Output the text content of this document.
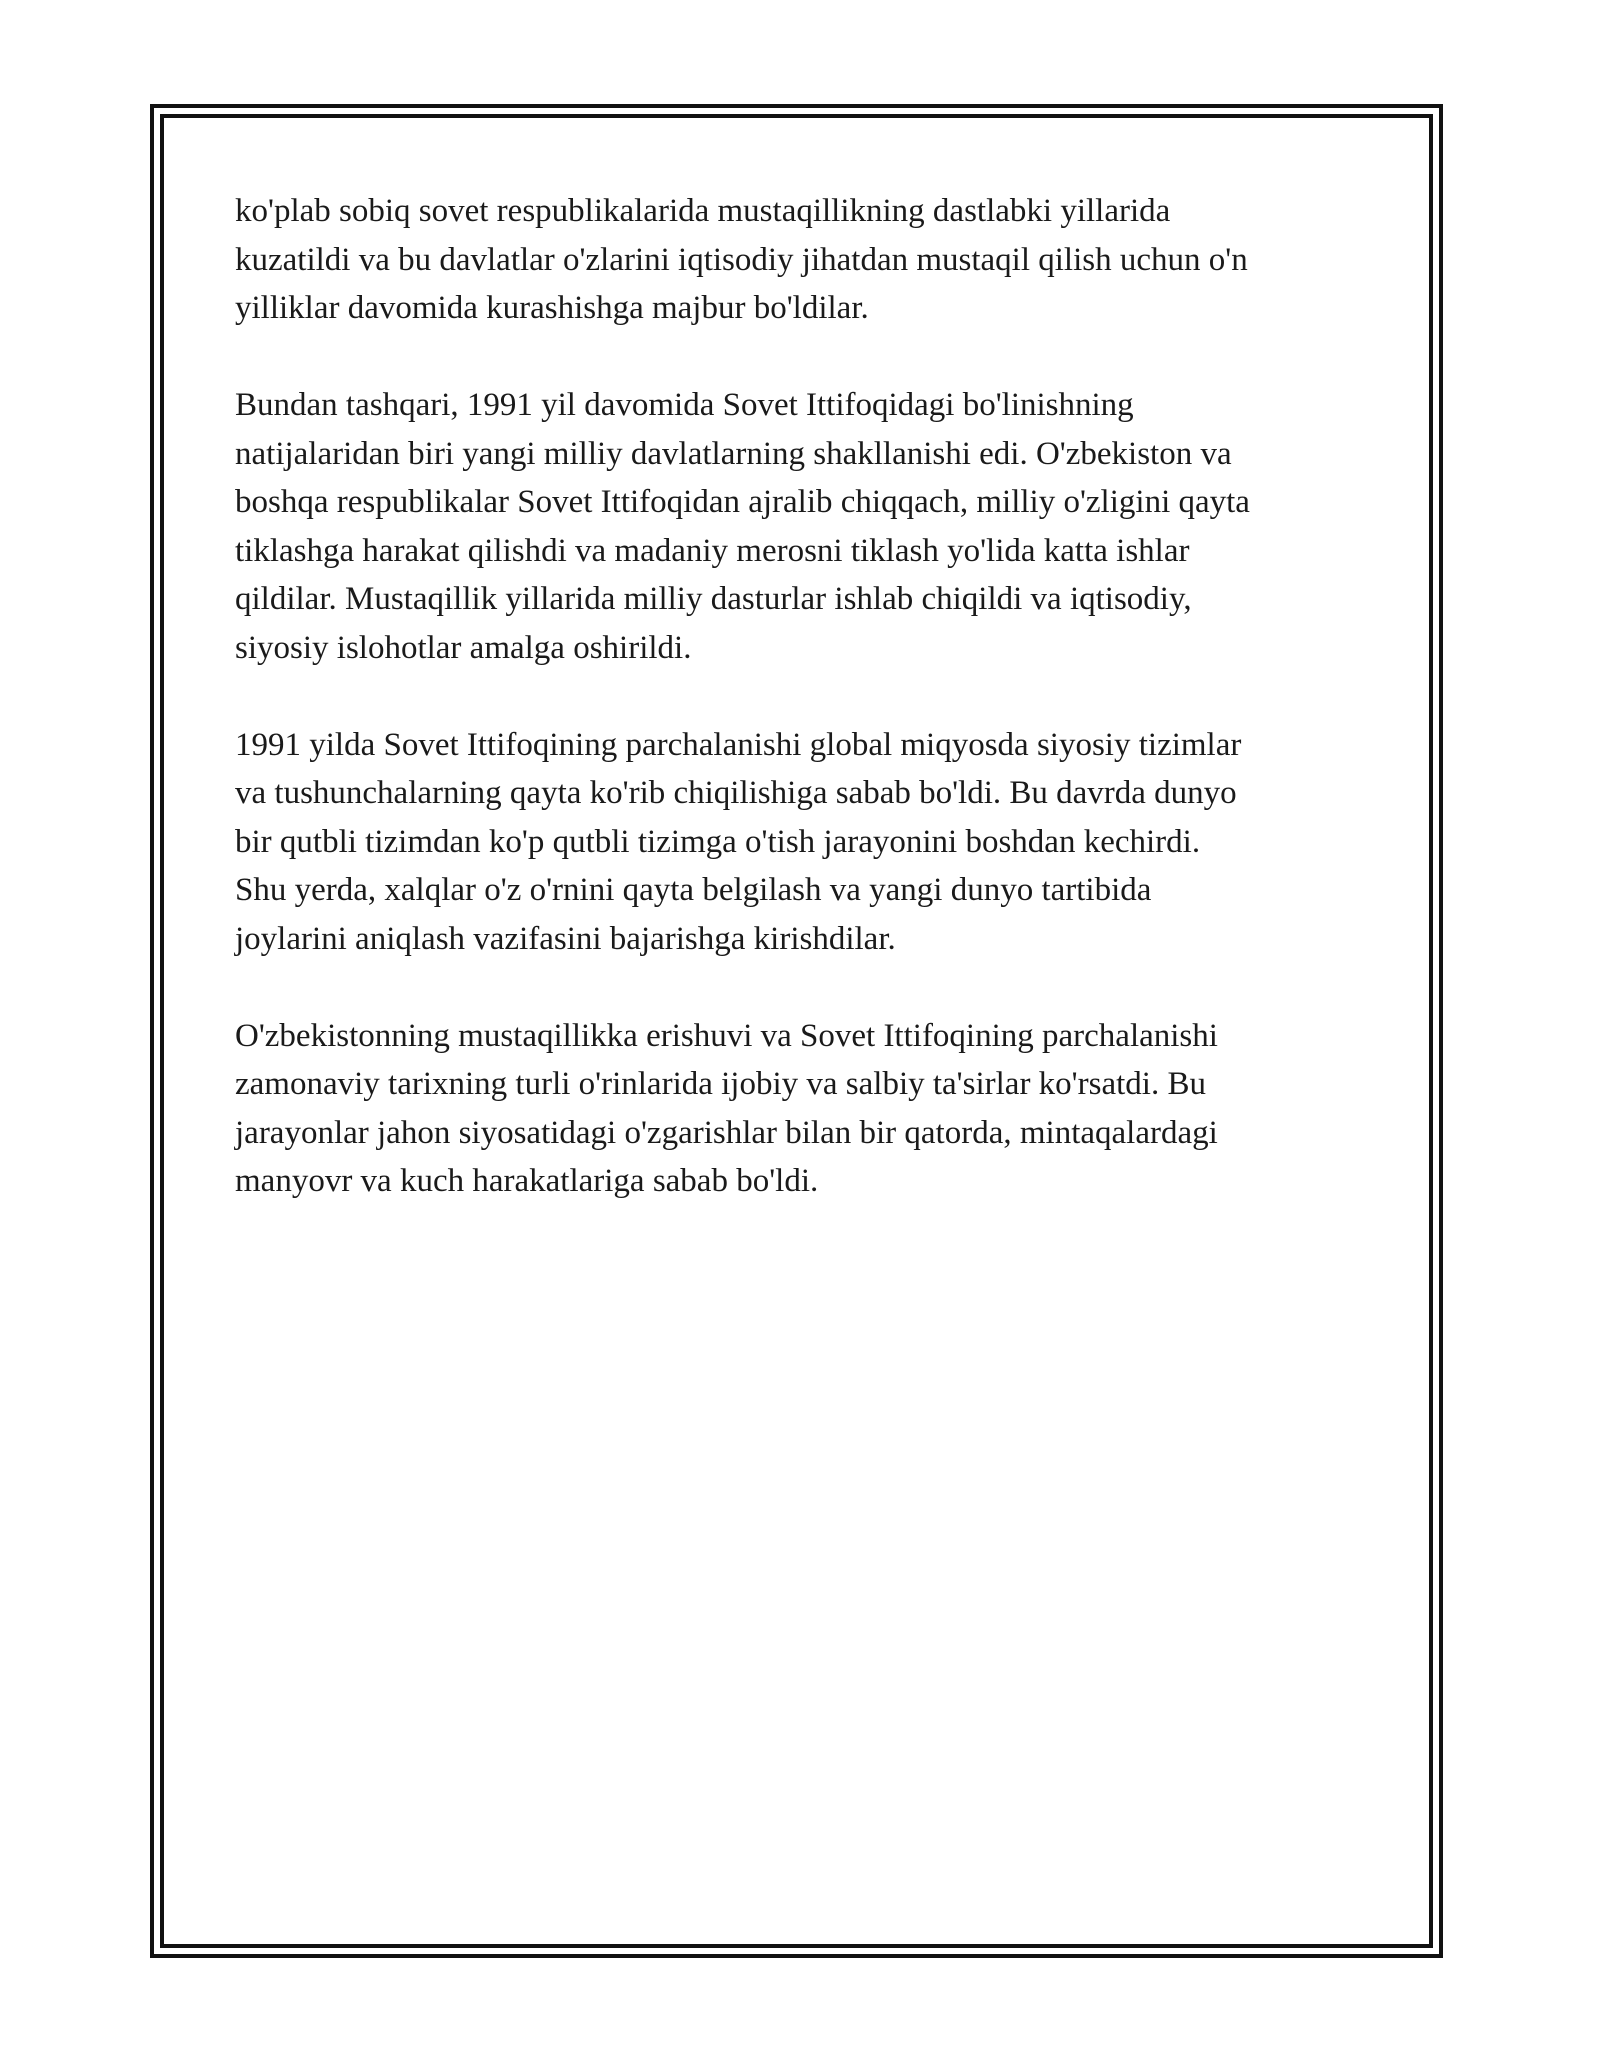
ko'plab sobiq sovet respublikalarida mustaqillikning dastlabki yillarida
kuzatildi va bu davlatlar o'zlarini iqtisodiy jihatdan mustaqil qilish uchun o'n
yilliklar davomida kurashishga majbur bo'ldilar.

Bundan tashqari, 1991 yil davomida Sovet Ittifoqidagi bo'linishning
natijalaridan biri yangi milliy davlatlarning shakllanishi edi. O'zbekiston va
boshqa respublikalar Sovet Ittifoqidan ajralib chiqqach, milliy o'zligini qayta
tiklashga harakat qilishdi va madaniy merosni tiklash yo'lida katta ishlar
qildilar. Mustaqillik yillarida milliy dasturlar ishlab chiqildi va iqtisodiy,
siyosiy islohotlar amalga oshirildi.

1991 yilda Sovet Ittifoqining parchalanishi global miqyosda siyosiy tizimlar
va tushunchalarning qayta ko'rib chiqilishiga sabab bo'ldi. Bu davrda dunyo
bir qutbli tizimdan ko'p qutbli tizimga o'tish jarayonini boshdan kechirdi.
Shu yerda, xalqlar o'z o'rnini qayta belgilash va yangi dunyo tartibida
joylarini aniqlash vazifasini bajarishga kirishdilar.

O'zbekistonning mustaqillikka erishuvi va Sovet Ittifoqining parchalanishi
zamonaviy tarixning turli o'rinlarida ijobiy va salbiy ta'sirlar ko'rsatdi. Bu
jarayonlar jahon siyosatidagi o'zgarishlar bilan bir qatorda, mintaqalardagi
manyovr va kuch harakatlariga sabab bo'ldi.
